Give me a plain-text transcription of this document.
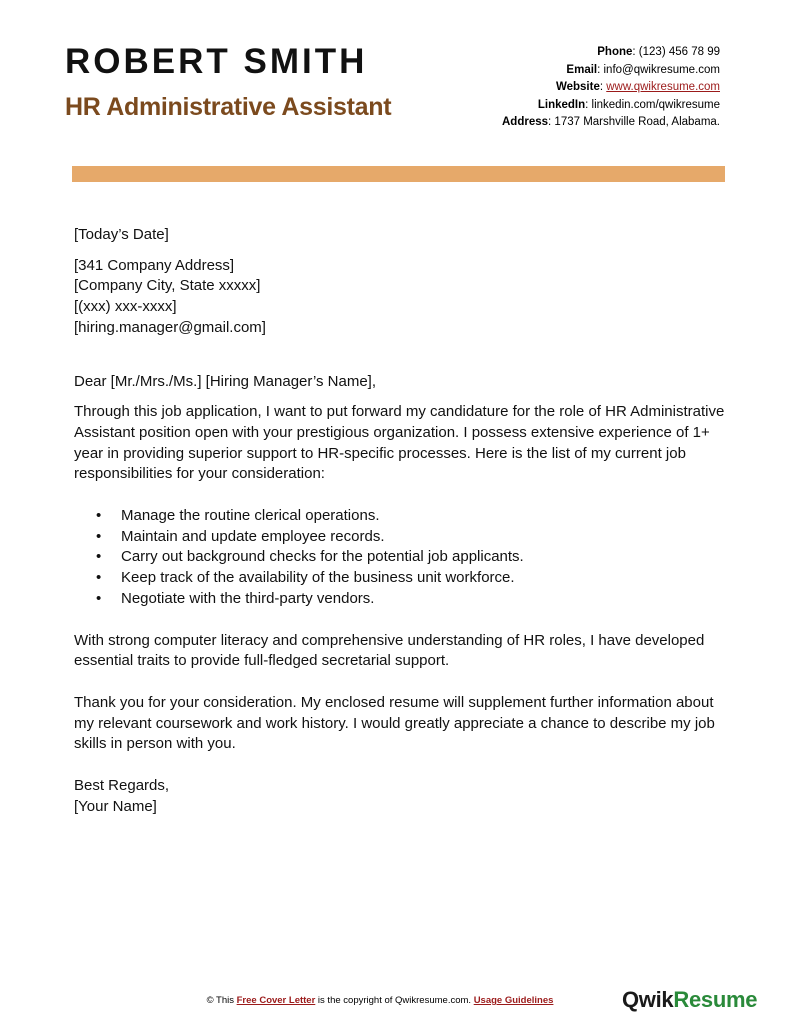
ROBERT SMITH
HR Administrative Assistant
Phone: (123) 456 78 99
Email: info@qwikresume.com
Website: www.qwikresume.com
LinkedIn: linkedin.com/qwikresume
Address: 1737 Marshville Road, Alabama.

[Today’s Date]

[341 Company Address]

[Company City, State xxxxx]

[(xxx) xxx-xxxx]

[hiring.manager@gmail.com]

Dear [Mr./Mrs./Ms.] [Hiring Manager’s Name],

Through this job application, I want to put forward my candidature for the role of HR Administrative Assistant position open with your prestigious organization. I possess extensive experience of 1+ year in providing superior support to HR-specific processes. Here is the list of my current job responsibilities for your consideration:

• Manage the routine clerical operations.
• Maintain and update employee records.
• Carry out background checks for the potential job applicants.
• Keep track of the availability of the business unit workforce.
• Negotiate with the third-party vendors.

With strong computer literacy and comprehensive understanding of HR roles, I have developed essential traits to provide full-fledged secretarial support.

Thank you for your consideration. My enclosed resume will supplement further information about my relevant coursework and work history. I would greatly appreciate a chance to describe my job skills in person with you.

Best Regards,

[Your Name]

© This Free Cover Letter is the copyright of Qwikresume.com. Usage Guidelines	QwikResume
